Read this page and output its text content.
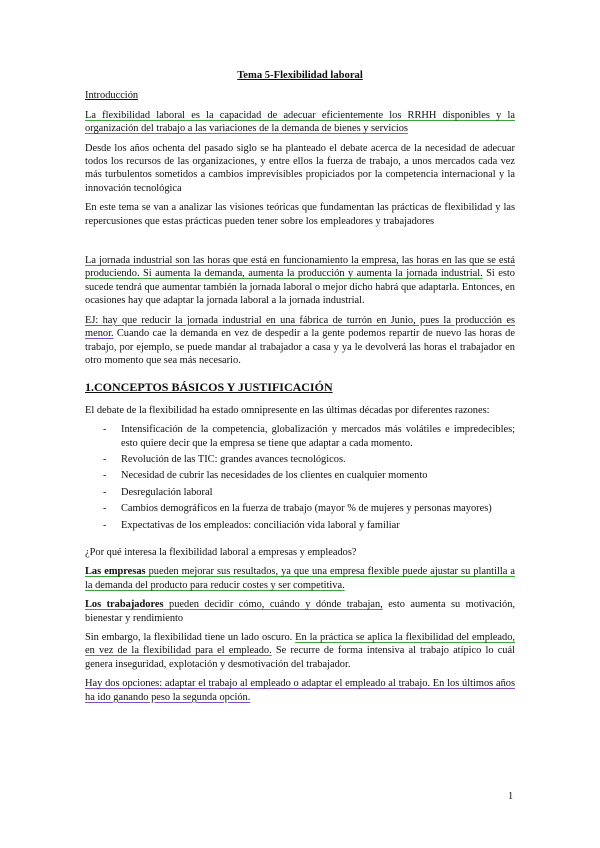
Tema 5-Flexibilidad laboral
Introducción

La flexibilidad laboral es la capacidad de adecuar eficientemente los RRHH disponibles y la organización del trabajo a las variaciones de la demanda de bienes y servicios

Desde los años ochenta del pasado siglo se ha planteado el debate acerca de la necesidad de adecuar todos los recursos de las organizaciones, y entre ellos la fuerza de trabajo, a unos mercados cada vez más turbulentos sometidos a cambios imprevisibles propiciados por la competencia internacional y la innovación tecnológica

En este tema se van a analizar las visiones teóricas que fundamentan las prácticas de flexibilidad y las repercusiones que estas prácticas pueden tener sobre los empleadores y trabajadores

La jornada industrial son las horas que está en funcionamiento la empresa, las horas en las que se está produciendo. Si aumenta la demanda, aumenta la producción y aumenta la jornada industrial. Si esto sucede tendrá que aumentar también la jornada laboral o mejor dicho habrá que adaptarla. Entonces, en ocasiones hay que adaptar la jornada laboral a la jornada industrial.

EJ: hay que reducir la jornada industrial en una fábrica de turrón en Junio, pues la producción es menor. Cuando cae la demanda en vez de despedir a la gente podemos repartir de nuevo las horas de trabajo, por ejemplo, se puede mandar al trabajador a casa y ya le devolverá las horas el trabajador en otro momento que sea más necesario.

1.CONCEPTOS BÁSICOS Y JUSTIFICACIÓN

El debate de la flexibilidad ha estado omnipresente en las últimas décadas por diferentes razones:

- Intensificación de la competencia, globalización y mercados más volátiles e impredecibles; esto quiere decir que la empresa se tiene que adaptar a cada momento.
- Revolución de las TIC: grandes avances tecnológicos.
- Necesidad de cubrir las necesidades de los clientes en cualquier momento
- Desregulación laboral
- Cambios demográficos en la fuerza de trabajo (mayor % de mujeres y personas mayores)
- Expectativas de los empleados: conciliación vida laboral y familiar

¿Por qué interesa la flexibilidad laboral a empresas y empleados?

Las empresas pueden mejorar sus resultados, ya que una empresa flexible puede ajustar su plantilla a la demanda del producto para reducir costes y ser competitiva.

Los trabajadores pueden decidir cómo, cuándo y dónde trabajan, esto aumenta su motivación, bienestar y rendimiento

Sin embargo, la flexibilidad tiene un lado oscuro. En la práctica se aplica la flexibilidad del empleado, en vez de la flexibilidad para el empleado. Se recurre de forma intensiva al trabajo atípico lo cuál genera inseguridad, explotación y desmotivación del trabajador.

Hay dos opciones: adaptar el trabajo al empleado o adaptar el empleado al trabajo. En los últimos años ha ido ganando peso la segunda opción.

1
